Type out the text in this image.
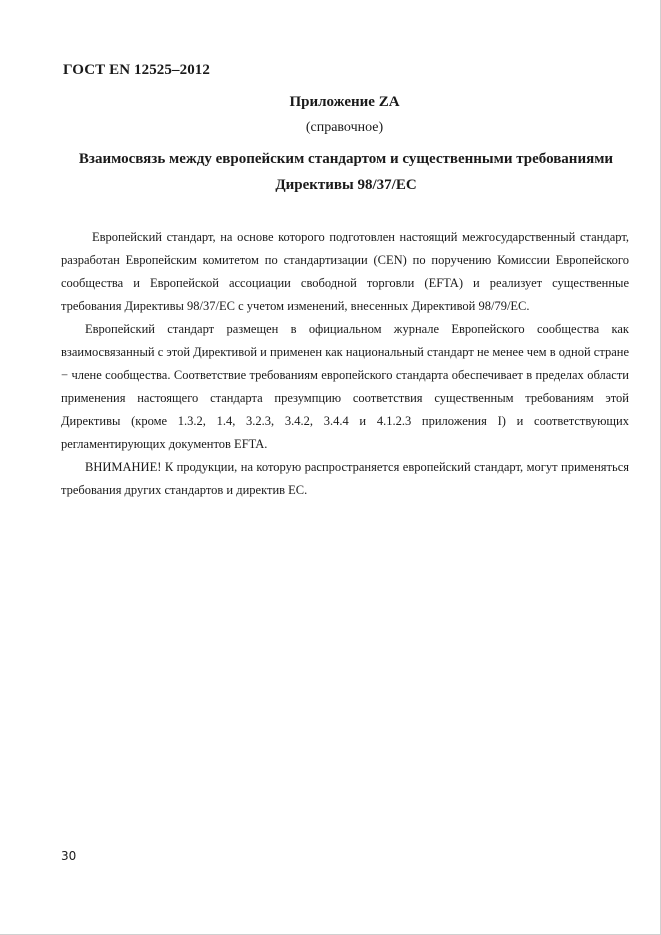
ГОСТ EN 12525–2012
Приложение ZA
(справочное)
Взаимосвязь между европейским стандартом и существенными требованиями
Директивы 98/37/ЕС

Европейский стандарт, на основе которого подготовлен настоящий межгосударственный стандарт, разработан Европейским комитетом по стандартизации (CEN) по поручению Комиссии Европейского сообщества и Европейской ассоциации свободной торговли (EFTA) и реализует существенные требования Директивы 98/37/ЕС с учетом изменений, внесенных Директивой 98/79/ЕС.

Европейский стандарт размещен в официальном журнале Европейского сообщества как взаимосвязанный с этой Директивой и применен как национальный стандарт не менее чем в одной стране − члене сообщества. Соответствие требованиям европейского стандарта обеспечивает в пределах области применения настоящего стандарта презумпцию соответствия существенным требованиям этой Директивы (кроме 1.3.2, 1.4, 3.2.3, 3.4.2, 3.4.4 и 4.1.2.3 приложения I) и соответствующих регламентирующих документов EFTA.

ВНИМАНИЕ! К продукции, на которую распространяется европейский стандарт, могут применяться требования других стандартов и директив ЕС.

30
